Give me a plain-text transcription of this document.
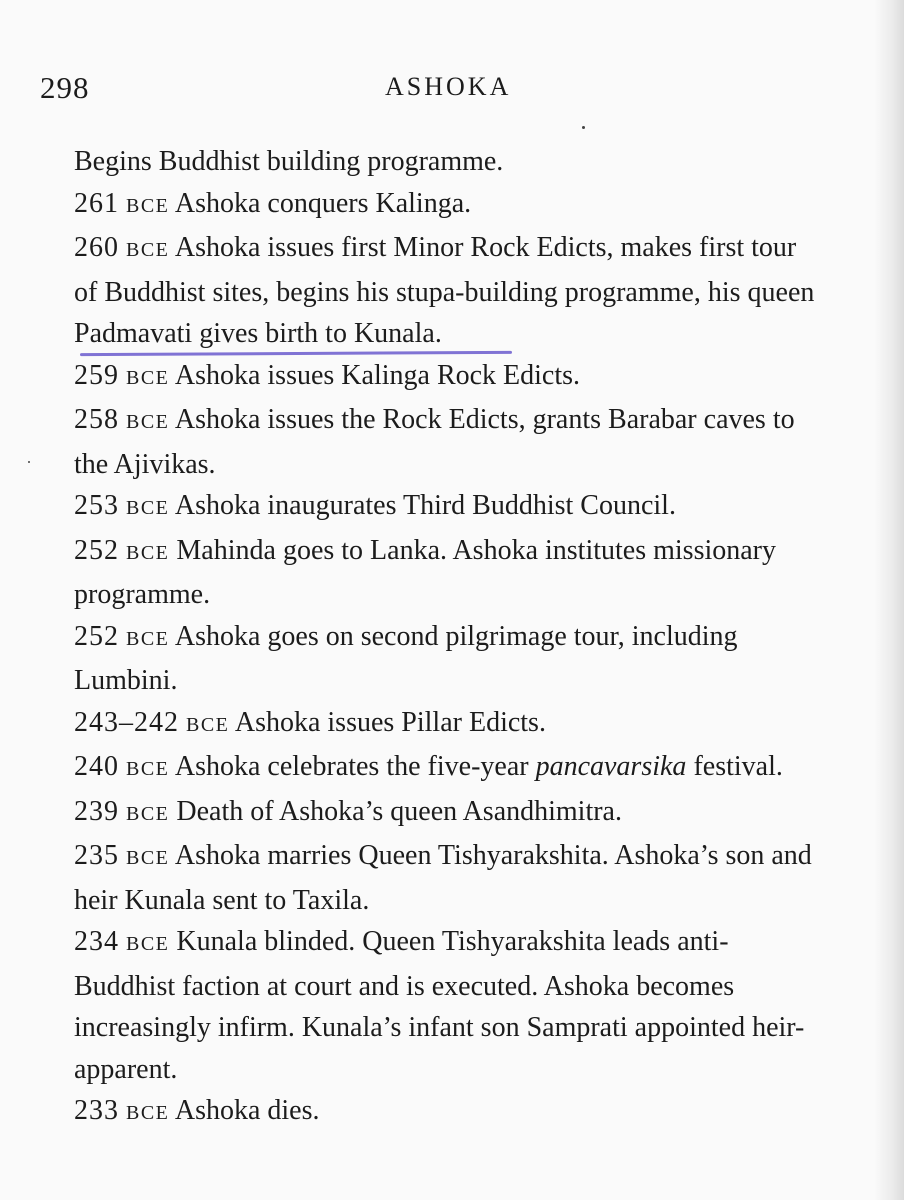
298	ASHOKA

Begins Buddhist building programme.

261 BCE Ashoka conquers Kalinga.

260 BCE Ashoka issues first Minor Rock Edicts, makes first tour of Buddhist sites, begins his stupa-building programme, his queen Padmavati gives birth to Kunala.

259 BCE Ashoka issues Kalinga Rock Edicts.

258 BCE Ashoka issues the Rock Edicts, grants Barabar caves to the Ajivikas.

253 BCE Ashoka inaugurates Third Buddhist Council.

252 BCE Mahinda goes to Lanka. Ashoka institutes missionary programme.

252 BCE Ashoka goes on second pilgrimage tour, including Lumbini.

243–242 BCE Ashoka issues Pillar Edicts.

240 BCE Ashoka celebrates the five-year pancavarsika festival.

239 BCE Death of Ashoka’s queen Asandhimitra.

235 BCE Ashoka marries Queen Tishyarakshita. Ashoka’s son and heir Kunala sent to Taxila.

234 BCE Kunala blinded. Queen Tishyarakshita leads anti-Buddhist faction at court and is executed. Ashoka becomes increasingly infirm. Kunala’s infant son Samprati appointed heir-apparent.

233 BCE Ashoka dies.
